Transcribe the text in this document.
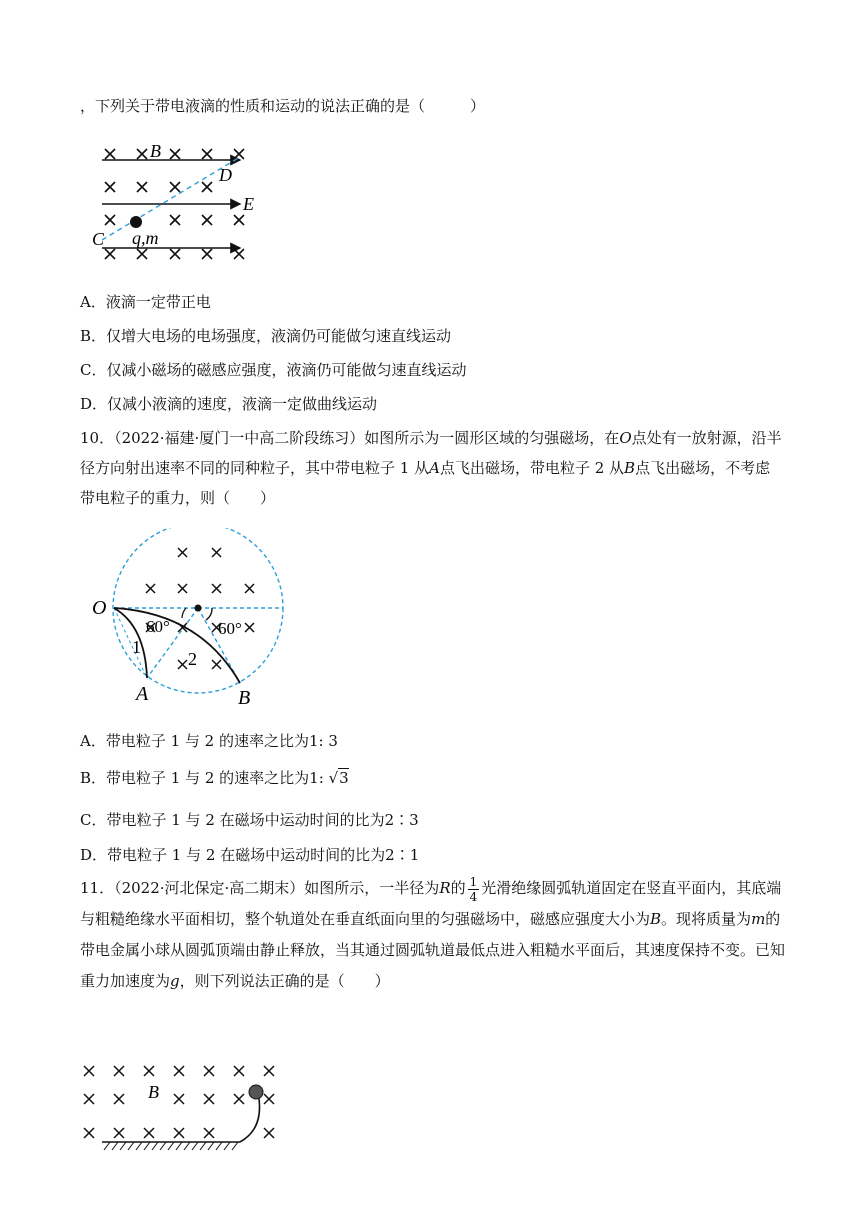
，下列关于带电液滴的性质和运动的说法正确的是（　　　）
B
D
E
C q,m
A．液滴一定带正电
B．仅增大电场的电场强度，液滴仍可能做匀速直线运动
C．仅减小磁场的磁感应强度，液滴仍可能做匀速直线运动
D．仅减小液滴的速度，液滴一定做曲线运动
10．（2022·福建·厦门一中高二阶段练习）如图所示为一圆形区域的匀强磁场，在O点处有一放射源，沿半径方向射出速率不同的同种粒子，其中带电粒子 1 从A点飞出磁场，带电粒子 2 从B点飞出磁场，不考虑带电粒子的重力，则（　　）
O
60°	60°
1
2
A	B
A．带电粒子 1 与 2 的速率之比为1: 3
B．带电粒子 1 与 2 的速率之比为1: √3
C．带电粒子 1 与 2 在磁场中运动时间的比为2∶3
D．带电粒子 1 与 2 在磁场中运动时间的比为2∶1
11．（2022·河北保定·高二期末）如图所示，一半径为R的 $\frac{1}{4}$ 光滑绝缘圆弧轨道固定在竖直平面内，其底端与粗糙绝缘水平面相切，整个轨道处在垂直纸面向里的匀强磁场中，磁感应强度大小为B。现将质量为m的带电金属小球从圆弧顶端由静止释放，当其通过圆弧轨道最低点进入粗糙水平面后，其速度保持不变。已知重力加速度为g，则下列说法正确的是（　　）
B
